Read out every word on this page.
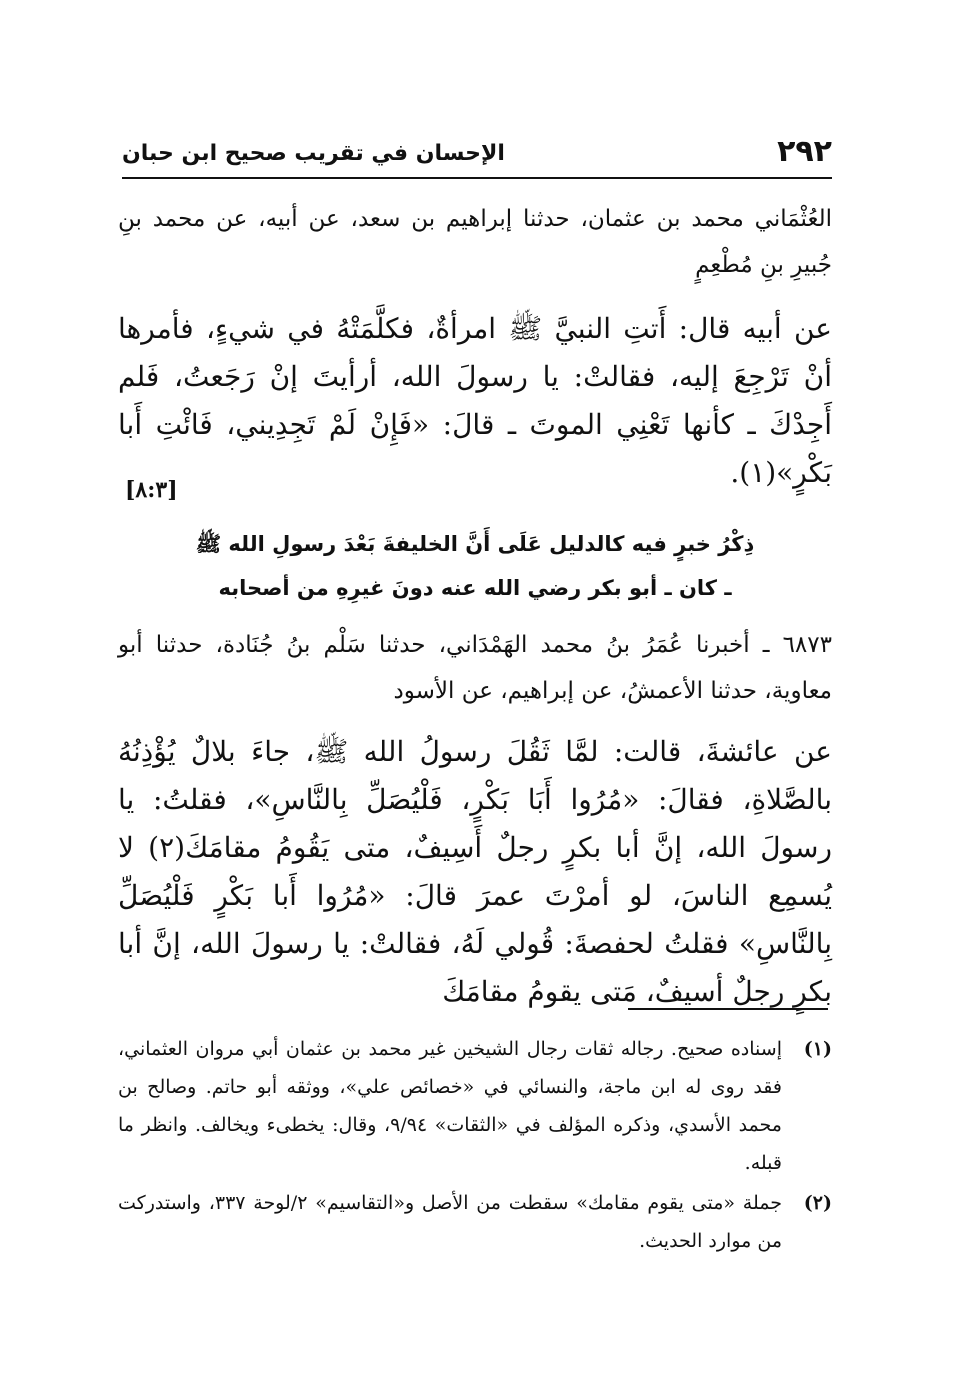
٢٩٢
الإحسان في تقريب صحيح ابن حبان
العُثْمَاني محمد بن عثمان، حدثنا إبراهيم بن سعد، عن أبيه، عن محمد بنِ جُبيرِ بنِ مُطْعِمٍ
عن أبيه قال: أَتتِ النبيَّ ﷺ امرأةٌ، فكلَّمَتْهُ في شيءٍ، فأمرها أنْ تَرْجِعَ إليه، فقالتْ: يا رسولَ الله، أرأيتَ إنْ رَجَعتُ، فَلم أَجِدْكَ ـ كأنها تَعْنِي الموتَ ـ قالَ: «فَإِنْ لَمْ تَجِدِيني، فَائْتِ أَبا بَكْرٍ»(١).
[٨:٣]
ذِكْرُ خبرٍ فيه كالدليل عَلَى أَنَّ الخليفةَ بَعْدَ رسولِ الله ﷺ
ـ كان ـ أبو بكر رضي الله عنه دونَ غيرِهِ من أصحابه
٦٨٧٣ ـ أخبرنا عُمَرُ بنُ محمد الهَمْدَاني، حدثنا سَلْم بنُ جُنَادة، حدثنا أبو معاوية، حدثنا الأعمشُ، عن إبراهيم، عن الأسود
عن عائشةَ، قالت: لمَّا ثَقُلَ رسولُ الله ﷺ، جاءَ بلالٌ يُؤْذِنُهُ بالصَّلاةِ، فقالَ: «مُرُوا أَبَا بَكْرٍ، فَلْيُصَلِّ بِالنَّاسِ»، فقلتُ: يا رسولَ الله، إنَّ أبا بكرٍ رجلٌ أَسِيفٌ، متى يَقُومُ مقامَكَ(٢) لا يُسمِع الناسَ، لو أمرْتَ عمرَ قالَ: «مُرُوا أَبا بَكْرٍ فَلْيُصَلِّ بِالنَّاسِ» فقلتُ لحفصةَ: قُولي لَهُ، فقالتْ: يا رسولَ الله، إنَّ أبا بكرٍ رجلٌ أسيفٌ، مَتى يقومُ مقامَكَ
(١)
إسناده صحيح. رجاله ثقات رجال الشيخين غير محمد بن عثمان أبي مروان العثماني، فقد روى له ابن ماجة، والنسائي في «خصائص علي»، ووثقه أبو حاتم. وصالح بن محمد الأسدي، وذكره المؤلف في «الثقات» ٩/٩٤، وقال: يخطىء ويخالف. وانظر ما قبله.
(٢)
جملة «متى يقوم مقامك» سقطت من الأصل و«التقاسيم» ٢/لوحة ٣٣٧، واستدركت من موارد الحديث.
